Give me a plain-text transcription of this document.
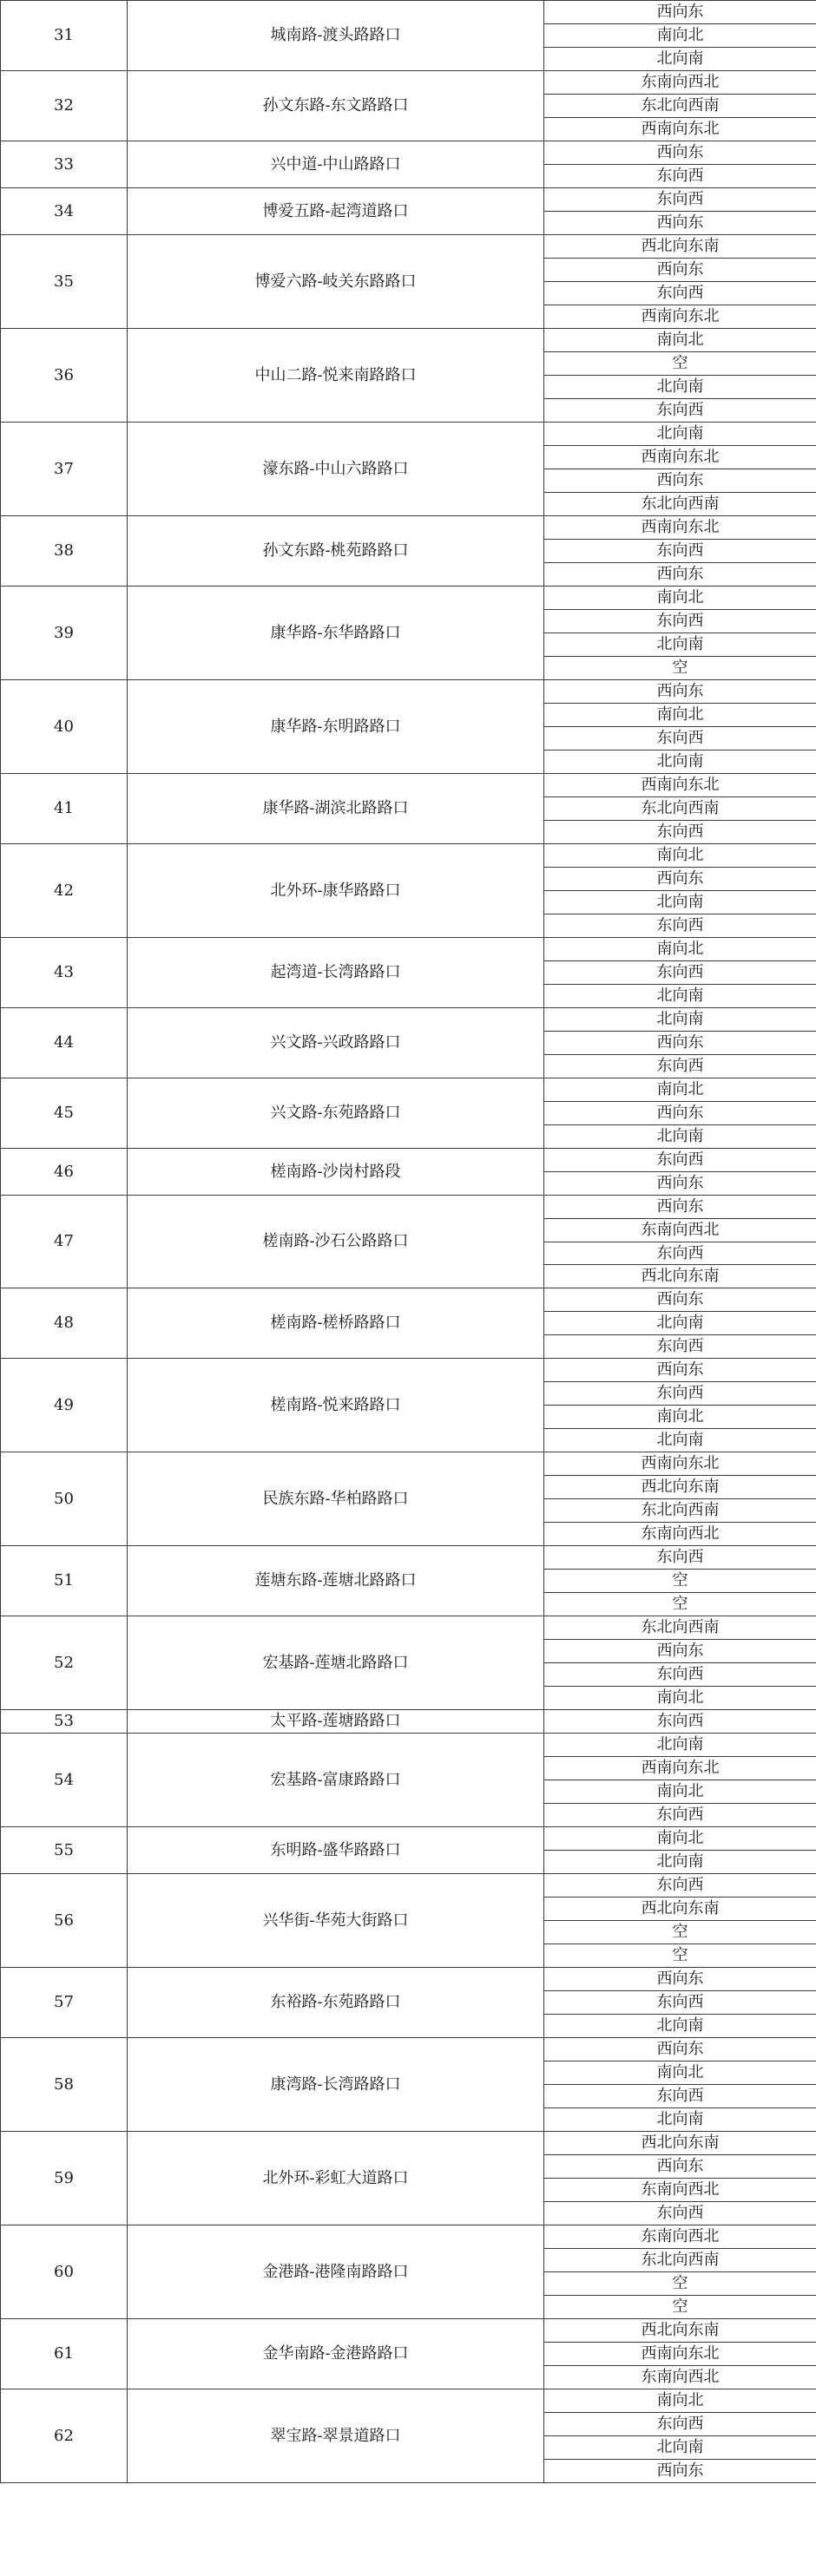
31	城南路-渡头路路口	西向东
		南向北
		北向南
32	孙文东路-东文路路口	东南向西北
		东北向西南
		西南向东北
33	兴中道-中山路路口	西向东
		东向西
34	博爱五路-起湾道路口	东向西
		西向东
35	博爱六路-岐关东路路口	西北向东南
		西向东
		东向西
		西南向东北
36	中山二路-悦来南路路口	南向北
		空
		北向南
		东向西
37	濠东路-中山六路路口	北向南
		西南向东北
		西向东
		东北向西南
38	孙文东路-桃苑路路口	西南向东北
		东向西
		西向东
39	康华路-东华路路口	南向北
		东向西
		北向南
		空
40	康华路-东明路路口	西向东
		南向北
		东向西
		北向南
41	康华路-湖滨北路路口	西南向东北
		东北向西南
		东向西
42	北外环-康华路路口	南向北
		西向东
		北向南
		东向西
43	起湾道-长湾路路口	南向北
		东向西
		北向南
44	兴文路-兴政路路口	北向南
		西向东
		东向西
45	兴文路-东苑路路口	南向北
		西向东
		北向南
46	槎南路-沙岗村路段	东向西
		西向东
47	槎南路-沙石公路路口	西向东
		东南向西北
		东向西
		西北向东南
48	槎南路-槎桥路路口	西向东
		北向南
		东向西
49	槎南路-悦来路路口	西向东
		东向西
		南向北
		北向南
50	民族东路-华柏路路口	西南向东北
		西北向东南
		东北向西南
		东南向西北
51	莲塘东路-莲塘北路路口	东向西
		空
		空
52	宏基路-莲塘北路路口	东北向西南
		西向东
		东向西
		南向北
53	太平路-莲塘路路口	东向西
54	宏基路-富康路路口	北向南
		西南向东北
		南向北
		东向西
55	东明路-盛华路路口	南向北
		北向南
56	兴华街-华苑大街路口	东向西
		西北向东南
		空
		空
57	东裕路-东苑路路口	西向东
		东向西
		北向南
58	康湾路-长湾路路口	西向东
		南向北
		东向西
		北向南
59	北外环-彩虹大道路口	西北向东南
		西向东
		东南向西北
		东向西
60	金港路-港隆南路路口	东南向西北
		东北向西南
		空
		空
61	金华南路-金港路路口	西北向东南
		西南向东北
		东南向西北
62	翠宝路-翠景道路口	南向北
		东向西
		北向南
		西向东
